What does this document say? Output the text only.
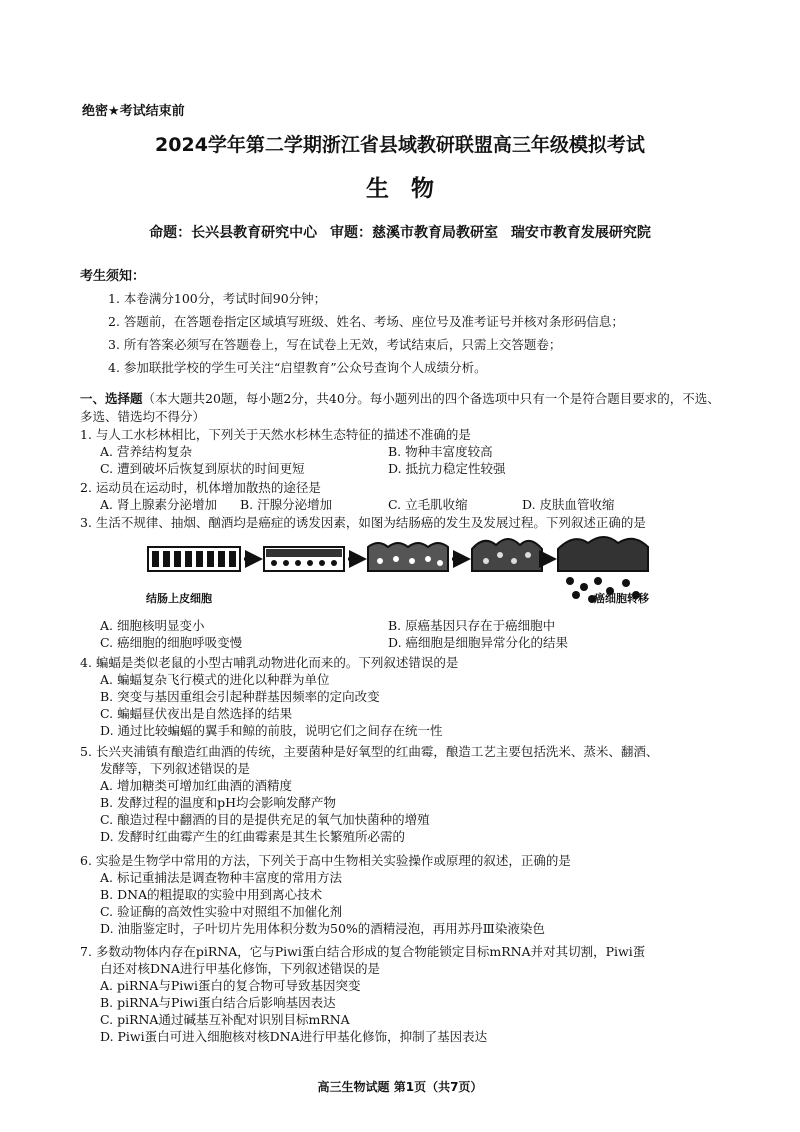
绝密★考试结束前
2024学年第二学期浙江省县域教研联盟高三年级模拟考试
生物
命题：长兴县教育研究中心 审题：慈溪市教育局教研室 瑞安市教育发展研究院
考生须知：
1. 本卷满分100分，考试时间90分钟；
2. 答题前，在答题卷指定区域填写班级、姓名、考场、座位号及准考证号并核对条形码信息；
3. 所有答案必须写在答题卷上，写在试卷上无效，考试结束后，只需上交答题卷；
4. 参加联批学校的学生可关注“启望教育”公众号查询个人成绩分析。
一、选择题（本大题共20题，每小题2分，共40分。每小题列出的四个备选项中只有一个是符合题目要求的，不选、多选、错选均不得分）
1. 与人工水杉林相比，下列关于天然水杉林生态特征的描述不准确的是
A. 营养结构复杂	B. 物种丰富度较高
C. 遭到破坏后恢复到原状的时间更短	D. 抵抗力稳定性较强
2. 运动员在运动时，机体增加散热的途径是
A. 肾上腺素分泌增加 B. 汗腺分泌增加	C. 立毛肌收缩	D. 皮肤血管收缩
3. 生活不规律、抽烟、酗酒均是癌症的诱发因素，如图为结肠癌的发生及发展过程。下列叙述正确的是
结肠上皮细胞	癌细胞转移
A. 细胞核明显变小	B. 原癌基因只存在于癌细胞中
C. 癌细胞的细胞呼吸变慢	D. 癌细胞是细胞异常分化的结果
4. 蝙蝠是类似老鼠的小型古哺乳动物进化而来的。下列叙述错误的是
A. 蝙蝠复杂飞行模式的进化以种群为单位
B. 突变与基因重组会引起种群基因频率的定向改变
C. 蝙蝠昼伏夜出是自然选择的结果
D. 通过比较蝙蝠的翼手和鲸的前肢，说明它们之间存在统一性
5. 长兴夹浦镇有酿造红曲酒的传统，主要菌种是好氧型的红曲霉，酿造工艺主要包括洗米、蒸米、翻酒、
发酵等，下列叙述错误的是
A. 增加糖类可增加红曲酒的酒精度
B. 发酵过程的温度和pH均会影响发酵产物
C. 酿造过程中翻酒的目的是提供充足的氧气加快菌种的增殖
D. 发酵时红曲霉产生的红曲霉素是其生长繁殖所必需的
6. 实验是生物学中常用的方法，下列关于高中生物相关实验操作或原理的叙述，正确的是
A. 标记重捕法是调查物种丰富度的常用方法
B. DNA的粗提取的实验中用到离心技术
C. 验证酶的高效性实验中对照组不加催化剂
D. 油脂鉴定时，子叶切片先用体积分数为50%的酒精浸泡，再用苏丹Ⅲ染液染色
7. 多数动物体内存在piRNA，它与Piwi蛋白结合形成的复合物能锁定目标mRNA并对其切割，Piwi蛋
白还对核DNA进行甲基化修饰，下列叙述错误的是
A. piRNA与Piwi蛋白的复合物可导致基因突变
B. piRNA与Piwi蛋白结合后影响基因表达
C. piRNA通过碱基互补配对识别目标mRNA
D. Piwi蛋白可进入细胞核对核DNA进行甲基化修饰，抑制了基因表达
高三生物试题 第1页（共7页）
